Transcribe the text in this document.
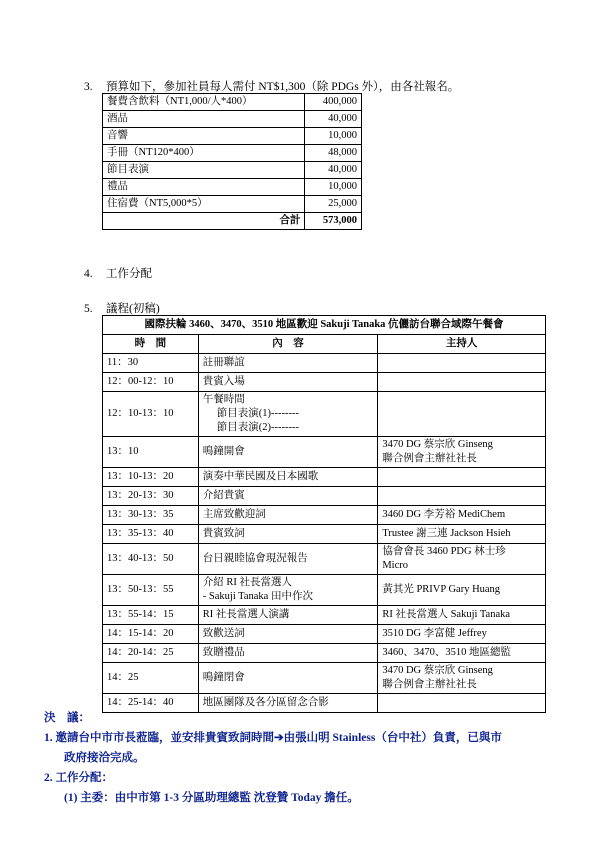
3. 預算如下，參加社員每人需付 NT$1,300（除 PDGs 外），由各社報名。
餐費含飲料（NT1,000/人*400）	400,000
酒品	40,000
音響	10,000
手冊（NT120*400）	48,000
節目表演	40,000
禮品	10,000
住宿費（NT5,000*5）	25,000
合計	573,000
4. 工作分配
5. 議程(初稿)
國際扶輪 3460、3470、3510 地區歡迎 Sakuji Tanaka 伉儷訪台聯合域際午餐會		
時　間	內　容	主持人
11：30	註冊聯誼	

12：00-12：10	貴賓入場	

12：10-13：10	午餐時間
節目表演(1)--------
節目表演(2)--------	

13：10	鳴鐘開會	3470 DG 蔡宗欣 Ginseng
聯合例會主辦社社長

13：10-13：20	演奏中華民國及日本國歌	

13：20-13：30	介紹貴賓	

13：30-13：35	主席致歡迎詞	3460 DG 李芳裕 MediChem

13：35-13：40	貴賓致詞	Trustee 謝三連 Jackson Hsieh

13：40-13：50	台日親睦協會現況報告	協會會長 3460 PDG 林士珍
Micro

13：50-13：55	介紹 RI 社長當選人
- Sakuji Tanaka 田中作次	黃其光 PRIVP Gary Huang

13：55-14：15	RI 社長當選人演講	RI 社長當選人 Sakuji Tanaka

14：15-14：20	致歡送詞	3510 DG 李富健 Jeffrey

14：20-14：25	致贈禮品	3460、3470、3510 地區總監

14：25	鳴鐘閉會	3470 DG 蔡宗欣 Ginseng
聯合例會主辦社社長

14：25-14：40	地區團隊及各分區留念合影	

決　議：
1. 邀請台中市市長蒞臨，並安排貴賓致詞時間➔由張山明 Stainless（台中社）負責，已與市
政府接洽完成。
2. 工作分配：
(1) 主委：由中市第 1-3 分區助理總監 沈登贊 Today 擔任。
